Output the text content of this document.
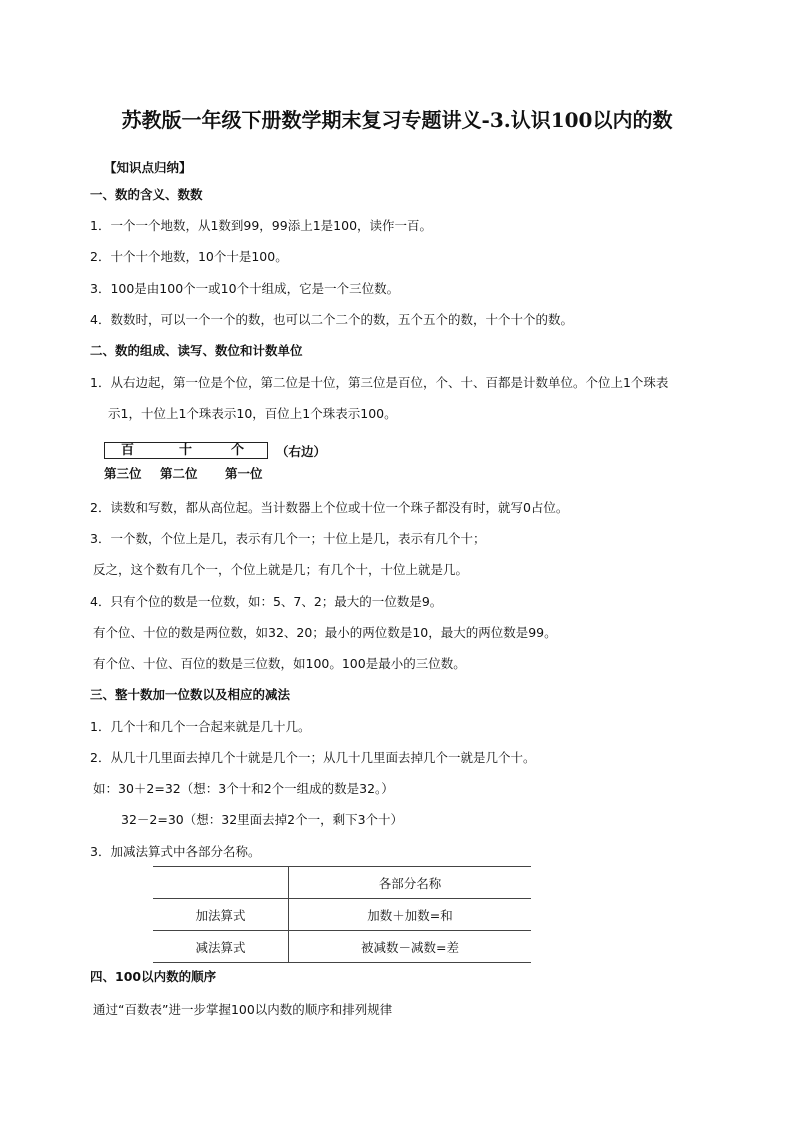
苏教版一年级下册数学期末复习专题讲义-3.认识100以内的数
【知识点归纳】
一、数的含义、数数
1．一个一个地数，从1数到99，99添上1是100，读作一百。
2．十个十个地数，10个十是100。
3．100是由100个一或10个十组成，它是一个三位数。
4．数数时，可以一个一个的数，也可以二个二个的数，五个五个的数，十个十个的数。
二、数的组成、读写、数位和计数单位
1．从右边起，第一位是个位，第二位是十位，第三位是百位，个、十、百都是计数单位。个位上1个珠表
示1，十位上1个珠表示10，百位上1个珠表示100。
百	十	个	（右边）
第三位 第二位 第一位
2．读数和写数，都从高位起。当计数器上个位或十位一个珠子都没有时，就写0占位。
3．一个数，个位上是几，表示有几个一；十位上是几，表示有几个十；
反之，这个数有几个一，个位上就是几；有几个十，十位上就是几。
4．只有个位的数是一位数，如：5、7、2；最大的一位数是9。
有个位、十位的数是两位数，如32、20；最小的两位数是10，最大的两位数是99。
有个位、十位、百位的数是三位数，如100。100是最小的三位数。
三、整十数加一位数以及相应的减法
1．几个十和几个一合起来就是几十几。
2．从几十几里面去掉几个十就是几个一；从几十几里面去掉几个一就是几个十。
如：30＋2=32（想：3个十和2个一组成的数是32。）
32－2=30（想：32里面去掉2个一，剩下3个十）
3．加减法算式中各部分名称。
	各部分名称
加法算式	加数＋加数=和
减法算式	被减数－减数=差
四、100以内数的顺序
通过“百数表”进一步掌握100以内数的顺序和排列规律
